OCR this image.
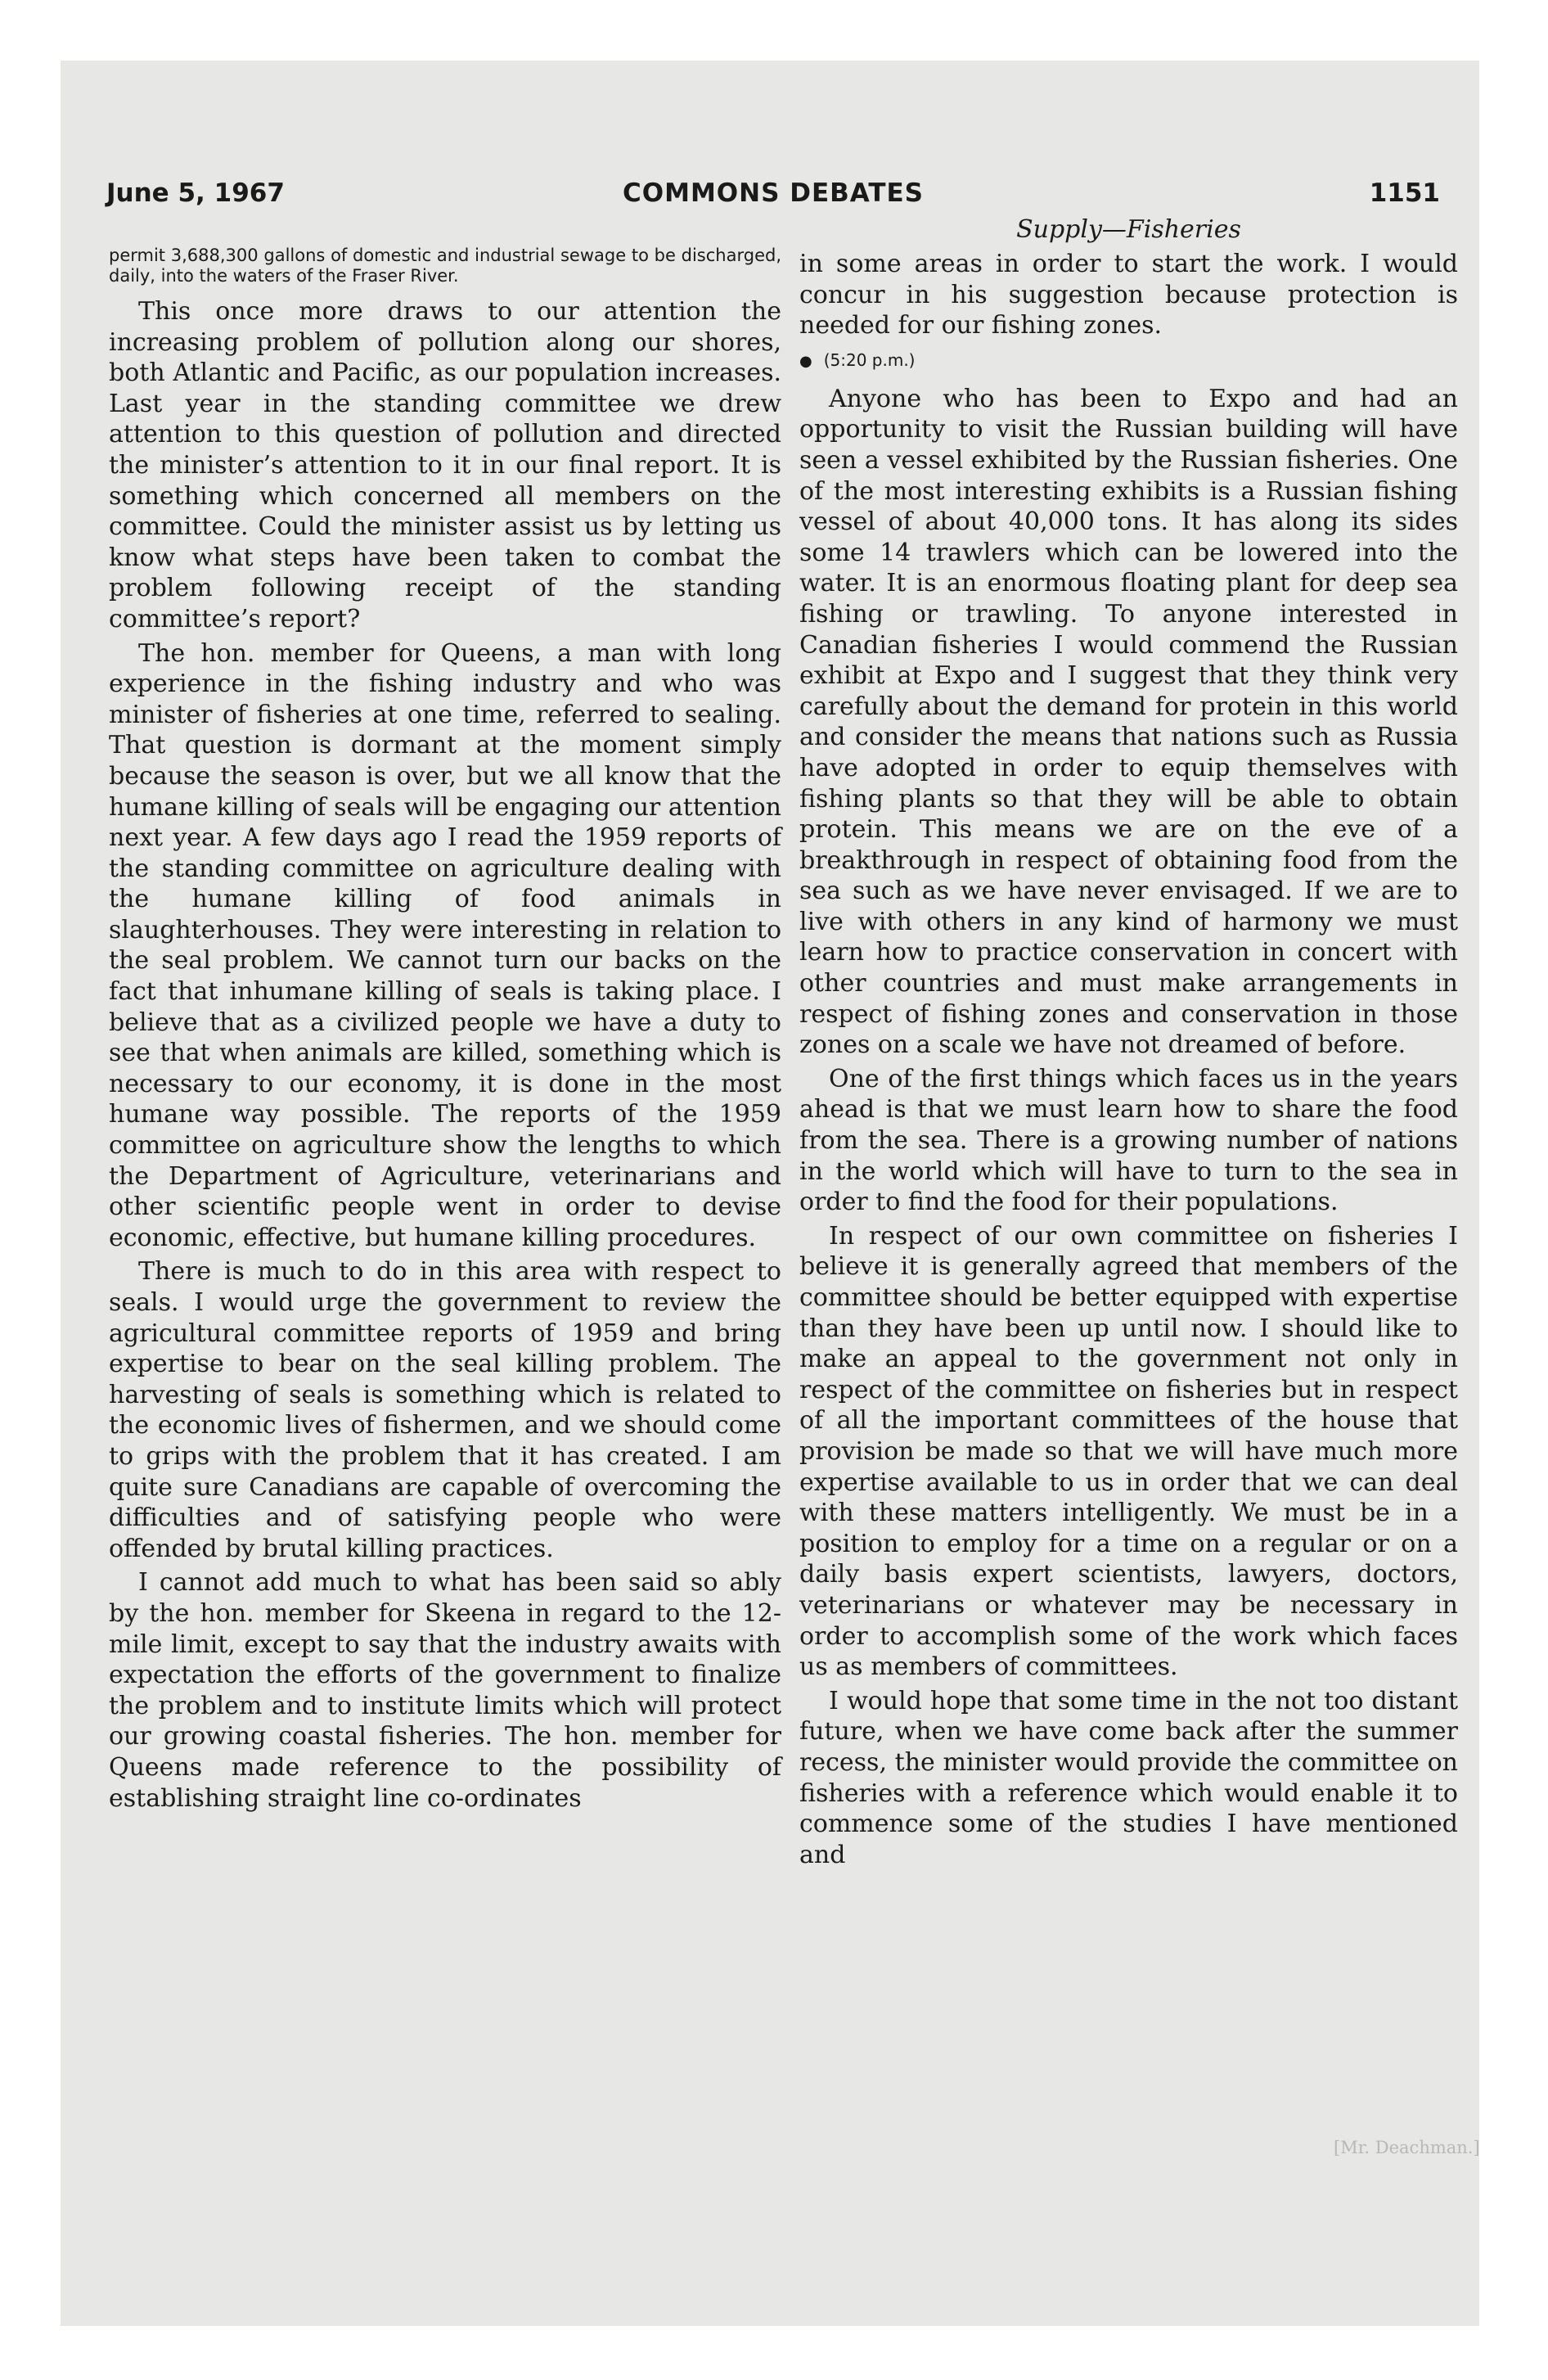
June 5, 1967	COMMONS DEBATES	1151

permit 3,688,300 gallons of domestic and industrial sewage to be discharged, daily, into the waters of the Fraser River.

This once more draws to our attention the increasing problem of pollution along our shores, both Atlantic and Pacific, as our population increases. Last year in the standing committee we drew attention to this question of pollution and directed the minister’s attention to it in our final report. It is something which concerned all members on the committee. Could the minister assist us by letting us know what steps have been taken to combat the problem following receipt of the standing committee’s report?

The hon. member for Queens, a man with long experience in the fishing industry and who was minister of fisheries at one time, referred to sealing. That question is dormant at the moment simply because the season is over, but we all know that the humane killing of seals will be engaging our attention next year. A few days ago I read the 1959 reports of the standing committee on agriculture dealing with the humane killing of food animals in slaughterhouses. They were interesting in relation to the seal problem. We cannot turn our backs on the fact that inhumane killing of seals is taking place. I believe that as a civilized people we have a duty to see that when animals are killed, something which is necessary to our economy, it is done in the most humane way possible. The reports of the 1959 committee on agriculture show the lengths to which the Department of Agriculture, veterinarians and other scientific people went in order to devise economic, effective, but humane killing procedures.

There is much to do in this area with respect to seals. I would urge the government to review the agricultural committee reports of 1959 and bring expertise to bear on the seal killing problem. The harvesting of seals is something which is related to the economic lives of fishermen, and we should come to grips with the problem that it has created. I am quite sure Canadians are capable of overcoming the difficulties and of satisfying people who were offended by brutal killing practices.

I cannot add much to what has been said so ably by the hon. member for Skeena in regard to the 12-mile limit, except to say that the industry awaits with expectation the efforts of the government to finalize the problem and to institute limits which will protect our growing coastal fisheries. The hon. member for Queens made reference to the possibility of establishing straight line co-ordinates

Supply—Fisheries

in some areas in order to start the work. I would concur in his suggestion because protection is needed for our fishing zones.

● (5:20 p.m.)

Anyone who has been to Expo and had an opportunity to visit the Russian building will have seen a vessel exhibited by the Russian fisheries. One of the most interesting exhibits is a Russian fishing vessel of about 40,000 tons. It has along its sides some 14 trawlers which can be lowered into the water. It is an enormous floating plant for deep sea fishing or trawling. To anyone interested in Canadian fisheries I would commend the Russian exhibit at Expo and I suggest that they think very carefully about the demand for protein in this world and consider the means that nations such as Russia have adopted in order to equip themselves with fishing plants so that they will be able to obtain protein. This means we are on the eve of a breakthrough in respect of obtaining food from the sea such as we have never envisaged. If we are to live with others in any kind of harmony we must learn how to practice conservation in concert with other countries and must make arrangements in respect of fishing zones and conservation in those zones on a scale we have not dreamed of before.

One of the first things which faces us in the years ahead is that we must learn how to share the food from the sea. There is a growing number of nations in the world which will have to turn to the sea in order to find the food for their populations.

In respect of our own committee on fisheries I believe it is generally agreed that members of the committee should be better equipped with expertise than they have been up until now. I should like to make an appeal to the government not only in respect of the committee on fisheries but in respect of all the important committees of the house that provision be made so that we will have much more expertise available to us in order that we can deal with these matters intelligently. We must be in a position to employ for a time on a regular or on a daily basis expert scientists, lawyers, doctors, veterinarians or whatever may be necessary in order to accomplish some of the work which faces us as members of committees.

I would hope that some time in the not too distant future, when we have come back after the summer recess, the minister would provide the committee on fisheries with a reference which would enable it to commence some of the studies I have mentioned and

[Mr. Deachman.]
